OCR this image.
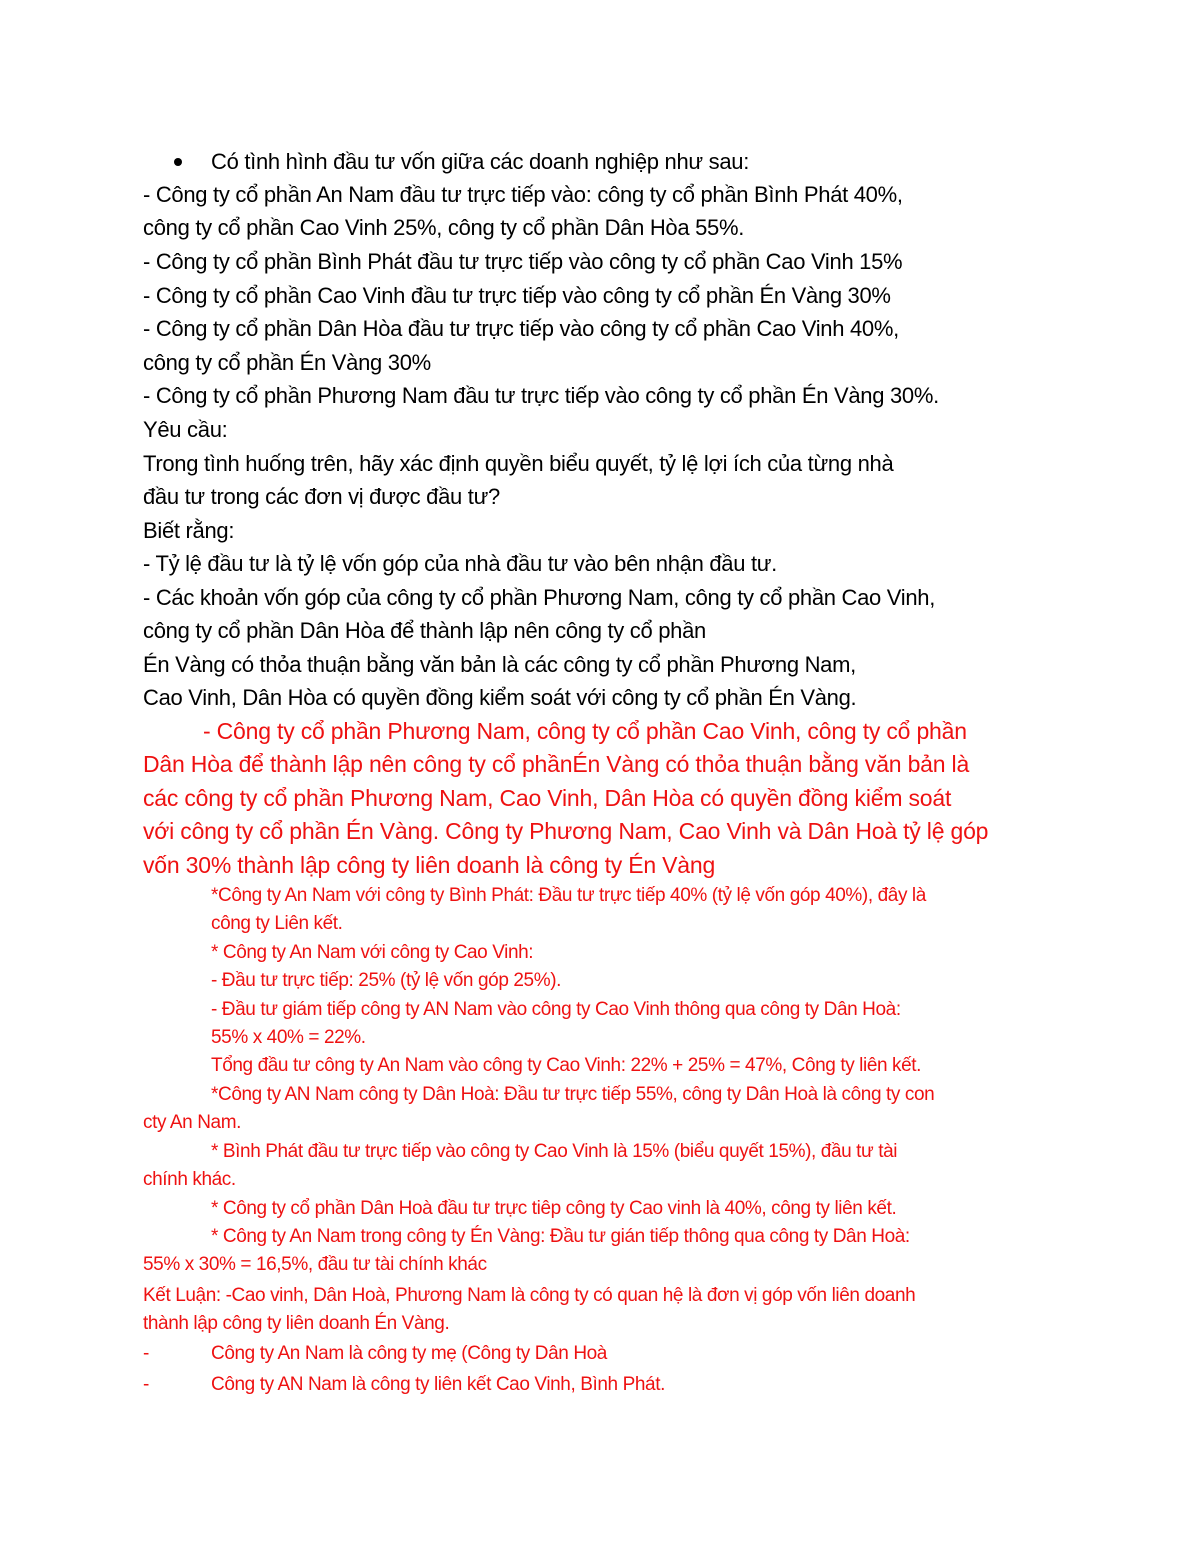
Có tình hình đầu tư vốn giữa các doanh nghiệp như sau:
- Công ty cổ phần An Nam đầu tư trực tiếp vào: công ty cổ phần Bình Phát 40%,
công ty cổ phần Cao Vinh 25%, công ty cổ phần Dân Hòa 55%.
- Công ty cổ phần Bình Phát đầu tư trực tiếp vào công ty cổ phần Cao Vinh 15%
- Công ty cổ phần Cao Vinh đầu tư trực tiếp vào công ty cổ phần Én Vàng 30%
- Công ty cổ phần Dân Hòa đầu tư trực tiếp vào công ty cổ phần Cao Vinh 40%,
công ty cổ phần Én Vàng 30%
- Công ty cổ phần Phương Nam đầu tư trực tiếp vào công ty cổ phần Én Vàng 30%.
Yêu cầu:
Trong tình huống trên, hãy xác định quyền biểu quyết, tỷ lệ lợi ích của từng nhà
đầu tư trong các đơn vị được đầu tư?
Biết rằng:
- Tỷ lệ đầu tư là tỷ lệ vốn góp của nhà đầu tư vào bên nhận đầu tư.
- Các khoản vốn góp của công ty cổ phần Phương Nam, công ty cổ phần Cao Vinh,
công ty cổ phần Dân Hòa để thành lập nên công ty cổ phần
Én Vàng có thỏa thuận bằng văn bản là các công ty cổ phần Phương Nam,
Cao Vinh, Dân Hòa có quyền đồng kiểm soát với công ty cổ phần Én Vàng.
- Công ty cổ phần Phương Nam, công ty cổ phần Cao Vinh, công ty cổ phần
Dân Hòa để thành lập nên công ty cổ phầnÉn Vàng có thỏa thuận bằng văn bản là
các công ty cổ phần Phương Nam, Cao Vinh, Dân Hòa có quyền đồng kiểm soát
với công ty cổ phần Én Vàng. Công ty Phương Nam, Cao Vinh và Dân Hoà tỷ lệ góp
vốn 30% thành lập công ty liên doanh là công ty Én Vàng
*Công ty An Nam với công ty Bình Phát: Đầu tư trực tiếp 40% (tỷ lệ vốn góp 40%), đây là
công ty Liên kết.
* Công ty An Nam với công ty Cao Vinh:
- Đầu tư trực tiếp: 25% (tỷ lệ vốn góp 25%).
- Đầu tư giám tiếp công ty AN Nam vào công ty Cao Vinh thông qua công ty Dân Hoà:
55% x 40% = 22%.
Tổng đầu tư công ty An Nam vào công ty Cao Vinh: 22% + 25% = 47%, Công ty liên kết.
*Công ty AN Nam công ty Dân Hoà: Đầu tư trực tiếp 55%, công ty Dân Hoà là công ty con
cty An Nam.
* Bình Phát đầu tư trực tiếp vào công ty Cao Vinh là 15% (biểu quyết 15%), đầu tư tài
chính khác.
* Công ty cổ phần Dân Hoà đầu tư trực tiêp công ty Cao vinh là 40%, công ty liên kết.
* Công ty An Nam trong công ty Én Vàng: Đầu tư gián tiếp thông qua công ty Dân Hoà:
55% x 30% = 16,5%, đầu tư tài chính khác
Kết Luận: -Cao vinh, Dân Hoà, Phương Nam là công ty có quan hệ là đơn vị góp vốn liên doanh
thành lập công ty liên doanh Én Vàng.
-	Công ty An Nam là công ty mẹ (Công ty Dân Hoà
-	Công ty AN Nam là công ty liên kết Cao Vinh, Bình Phát.
